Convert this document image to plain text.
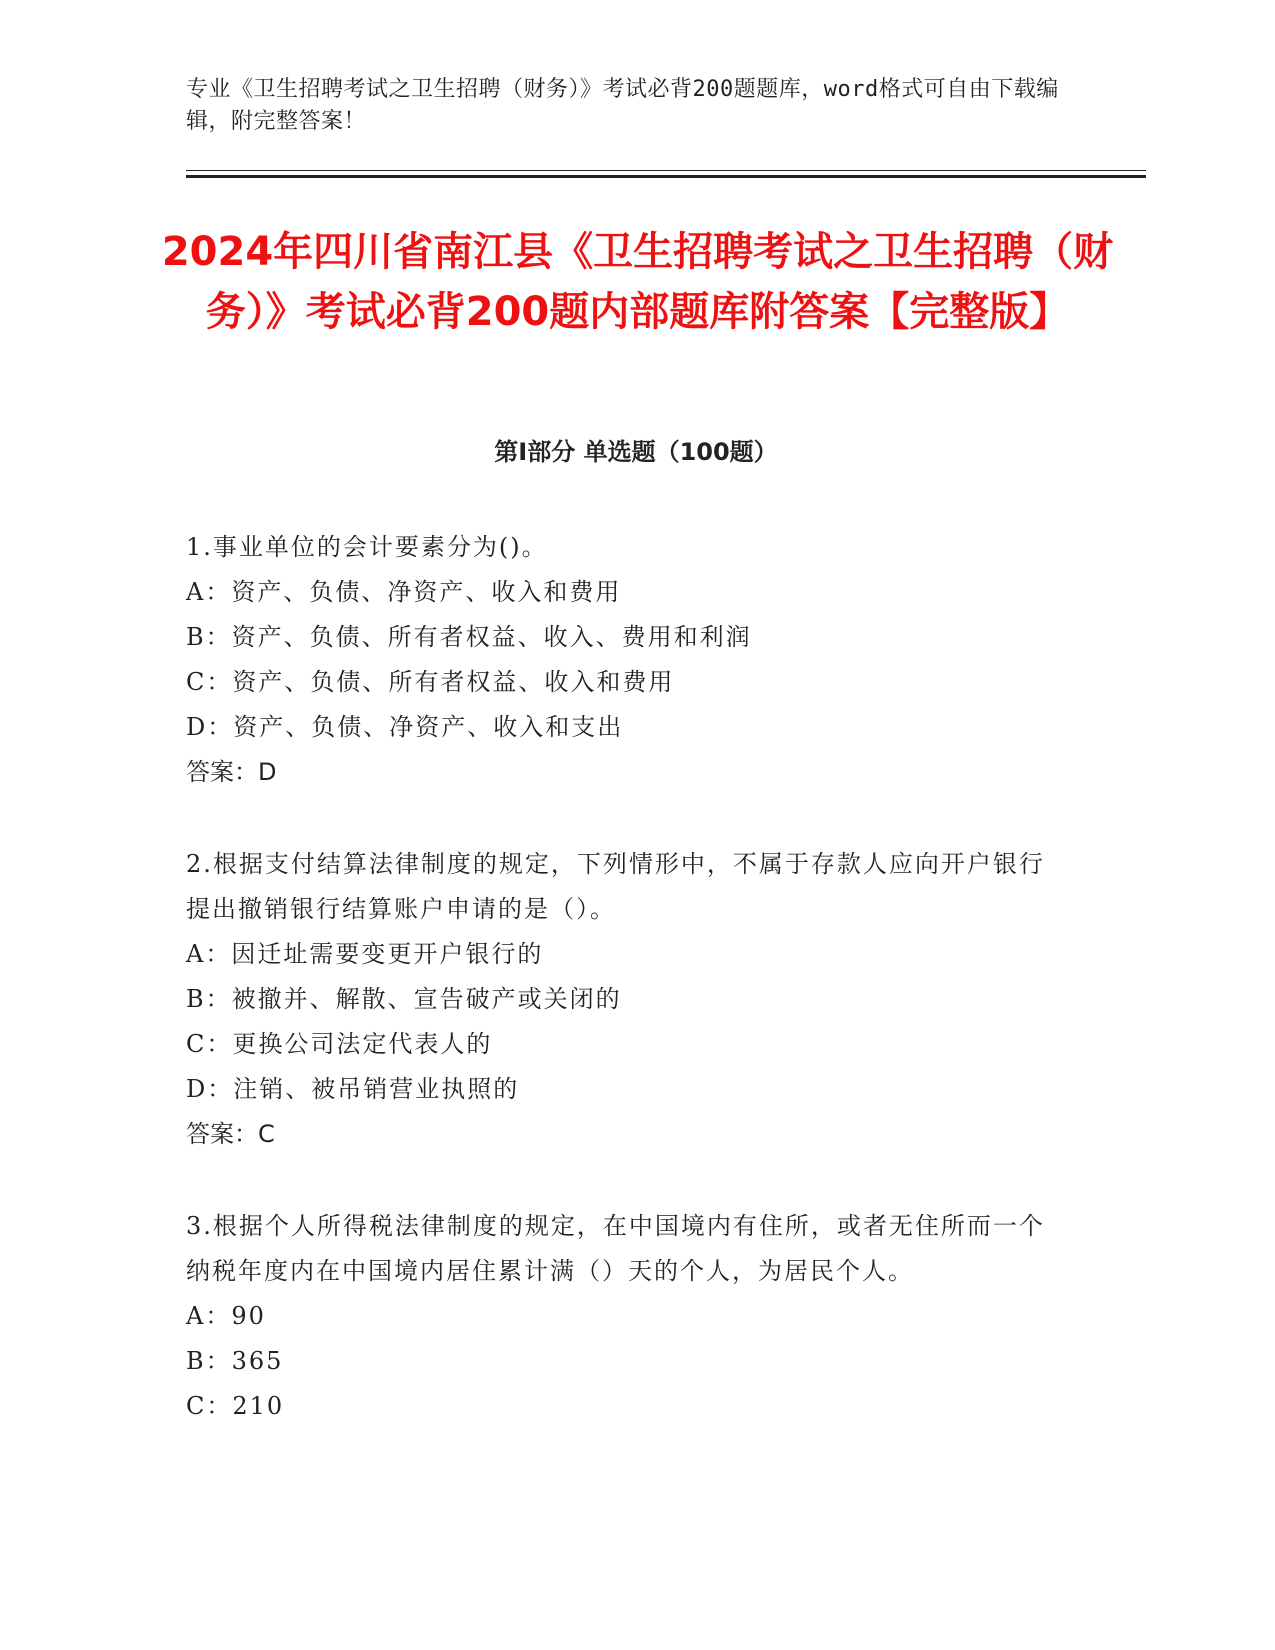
专业《卫生招聘考试之卫生招聘（财务）》考试必背200题题库，word格式可自由下载编辑，附完整答案！
2024年四川省南江县《卫生招聘考试之卫生招聘（财务）》考试必背200题内部题库附答案【完整版】
第Ⅰ部分 单选题（100题）
1.事业单位的会计要素分为()。
A：资产、负债、净资产、收入和费用
B：资产、负债、所有者权益、收入、费用和利润
C：资产、负债、所有者权益、收入和费用
D：资产、负债、净资产、收入和支出
答案：D
2.根据支付结算法律制度的规定，下列情形中，不属于存款人应向开户银行提出撤销银行结算账户申请的是（）。
A：因迁址需要变更开户银行的
B：被撤并、解散、宣告破产或关闭的
C：更换公司法定代表人的
D：注销、被吊销营业执照的
答案：C
3.根据个人所得税法律制度的规定，在中国境内有住所，或者无住所而一个纳税年度内在中国境内居住累计满（）天的个人，为居民个人。
A：90
B：365
C：210
